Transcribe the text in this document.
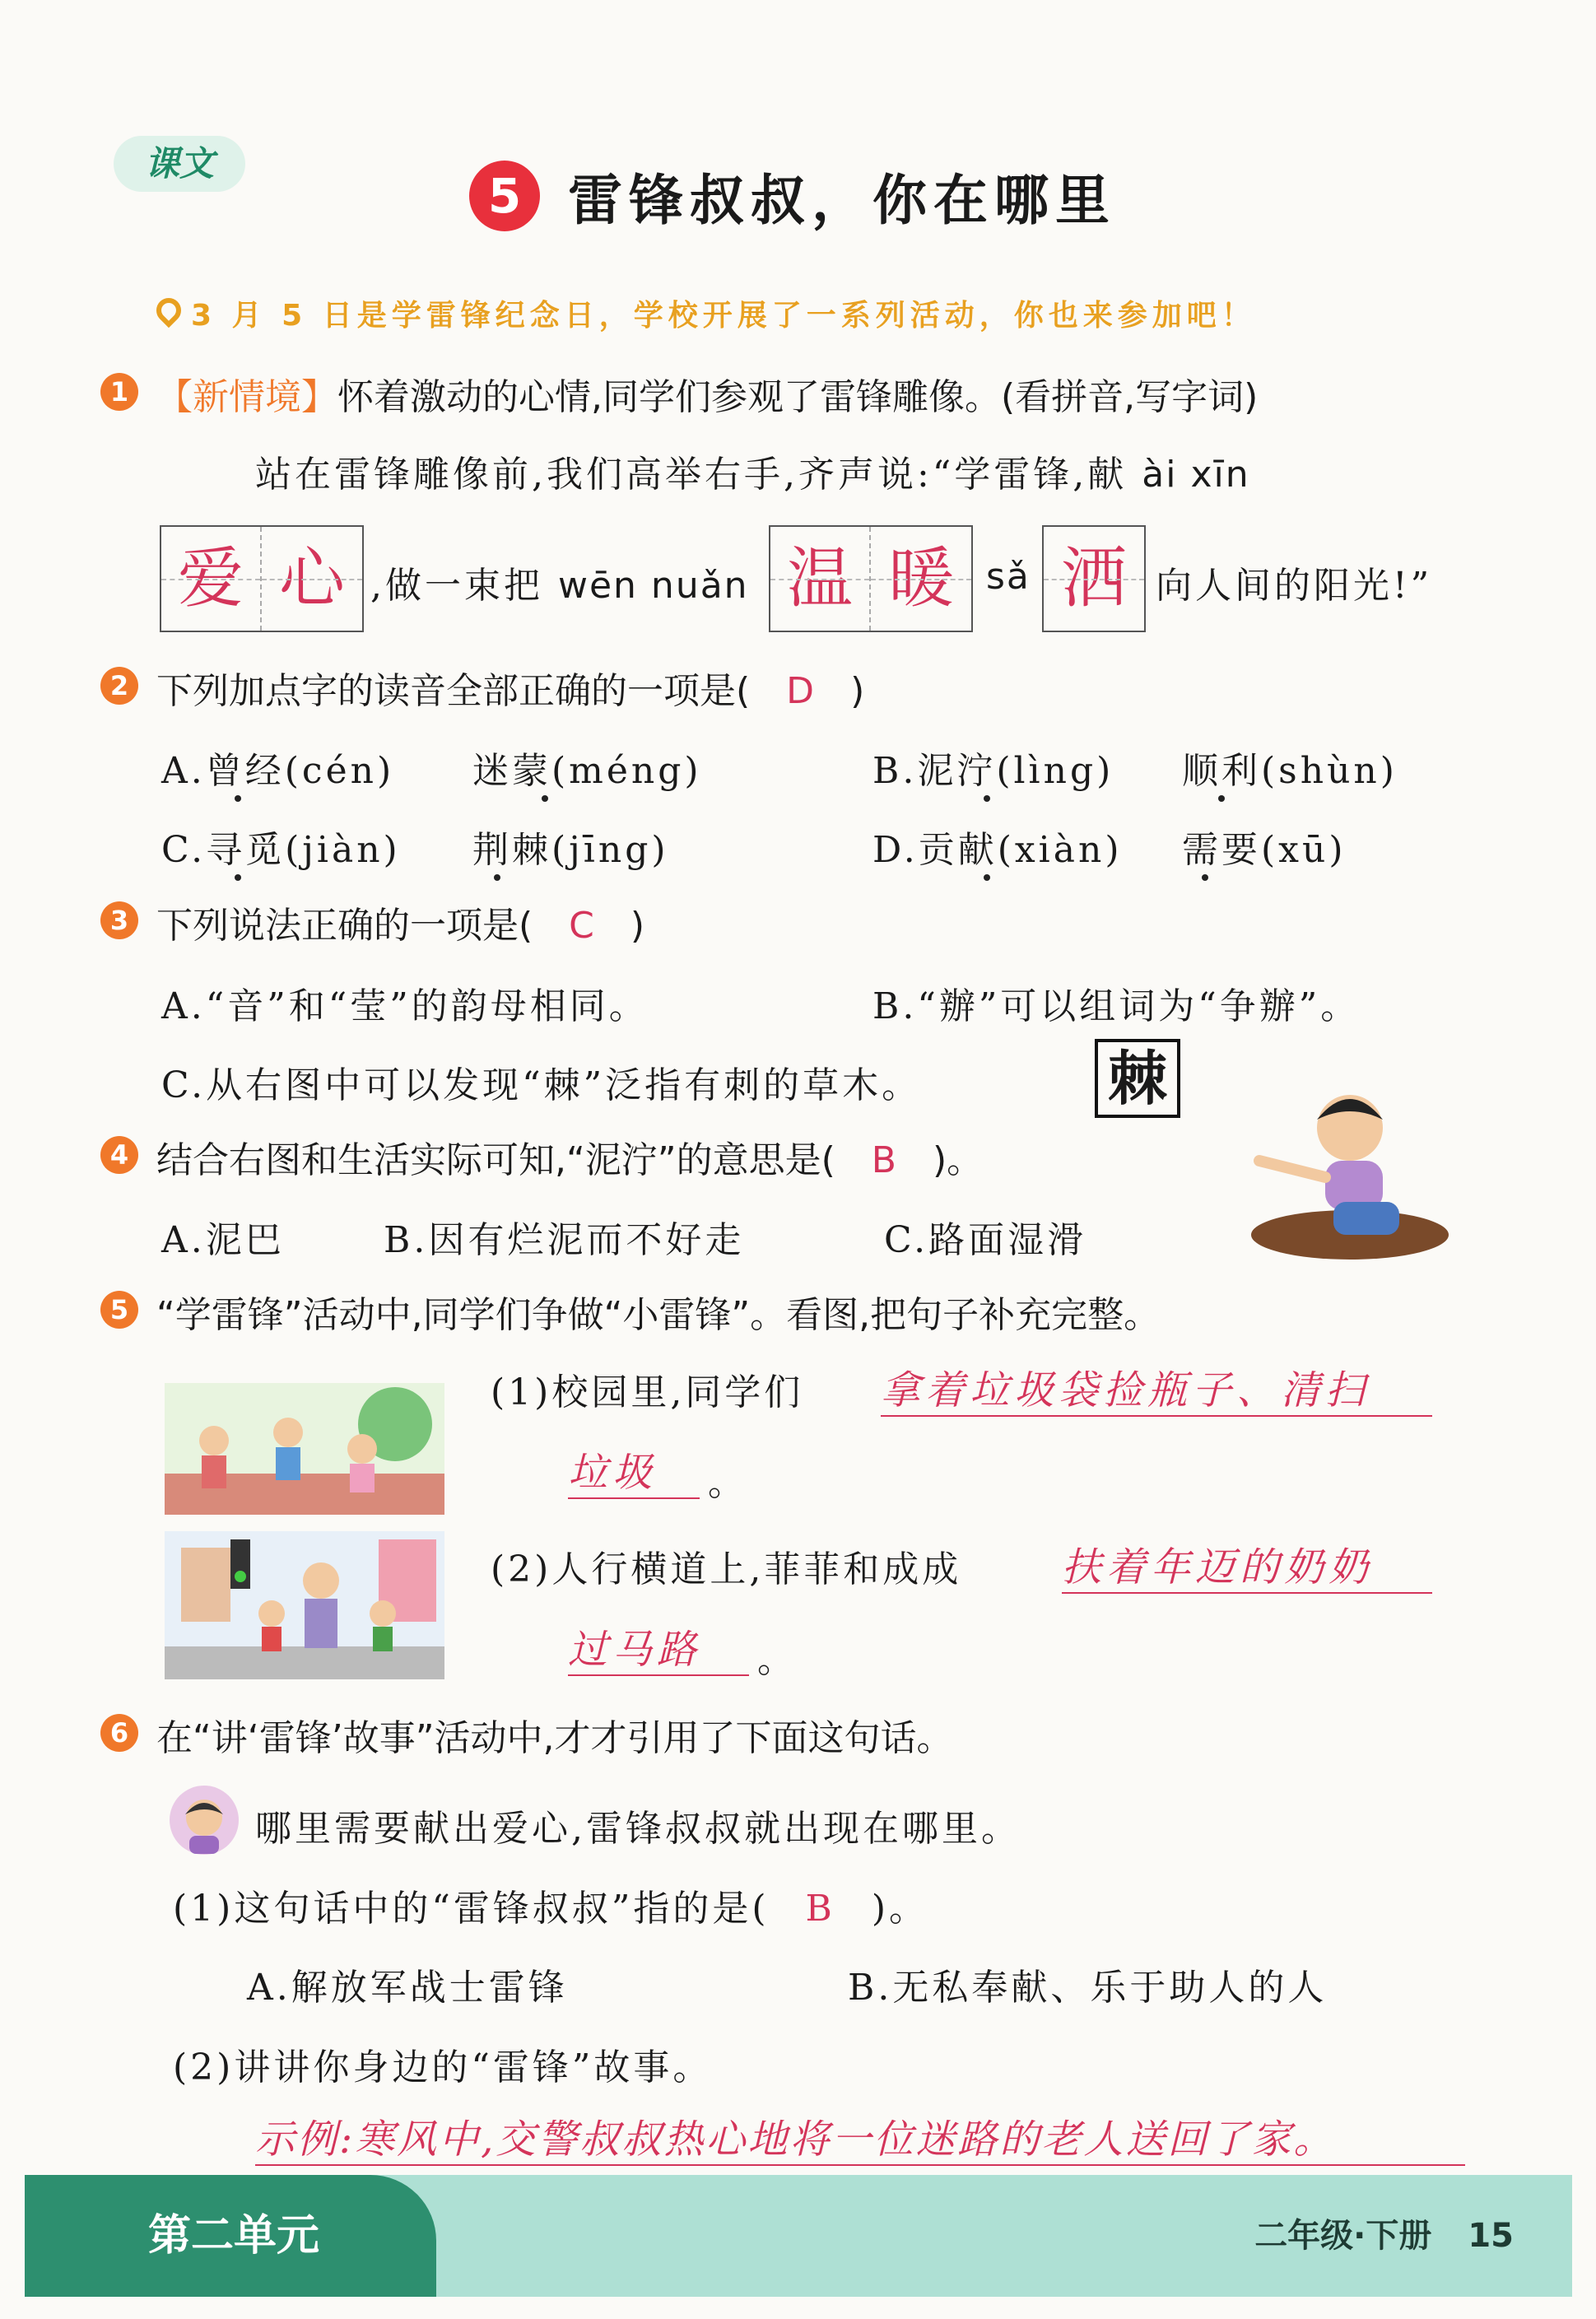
课文
5 雷锋叔叔，你在哪里
3 月 5 日是学雷锋纪念日，学校开展了一系列活动，你也来参加吧！
1 【新情境】怀着激动的心情,同学们参观了雷锋雕像。(看拼音,写字词)
站在雷锋雕像前,我们高举右手,齐声说:“学雷锋,献 ài xīn
爱 心 ,做一束把 wēn nuǎn 温 暖 sǎ 洒 向人间的阳光!”
2 下列加点字的读音全部正确的一项是( D )
A.曾经(cén) 迷蒙(méng)	B.泥泞(lìng) 顺利(shùn)
C.寻觅(jiàn) 荆棘(jīng)	D.贡献(xiàn) 需要(xū)
3 下列说法正确的一项是( C )
A.“音”和“莹”的韵母相同。	B.“辦”可以组词为“争辦”。
C.从右图中可以发现“棘”泛指有刺的草木。	棘
4 结合右图和生活实际可知,“泥泞”的意思是( B )。
A.泥巴	B.因有烂泥而不好走	C.路面湿滑
5 “学雷锋”活动中,同学们争做“小雷锋”。看图,把句子补充完整。
(1)校园里,同学们 拿着垃圾袋捡瓶子、清扫
垃圾	。
(2)人行横道上,菲菲和成成	扶着年迈的奶奶
过马路	。
6 在“讲‘雷锋’故事”活动中,才才引用了下面这句话。
哪里需要献出爱心,雷锋叔叔就出现在哪里。
(1)这句话中的“雷锋叔叔”指的是( B )。
A.解放军战士雷锋	B.无私奉献、乐于助人的人
(2)讲讲你身边的“雷锋”故事。
示例:寒风中,交警叔叔热心地将一位迷路的老人送回了家。
第二单元	二年级·下册 15
